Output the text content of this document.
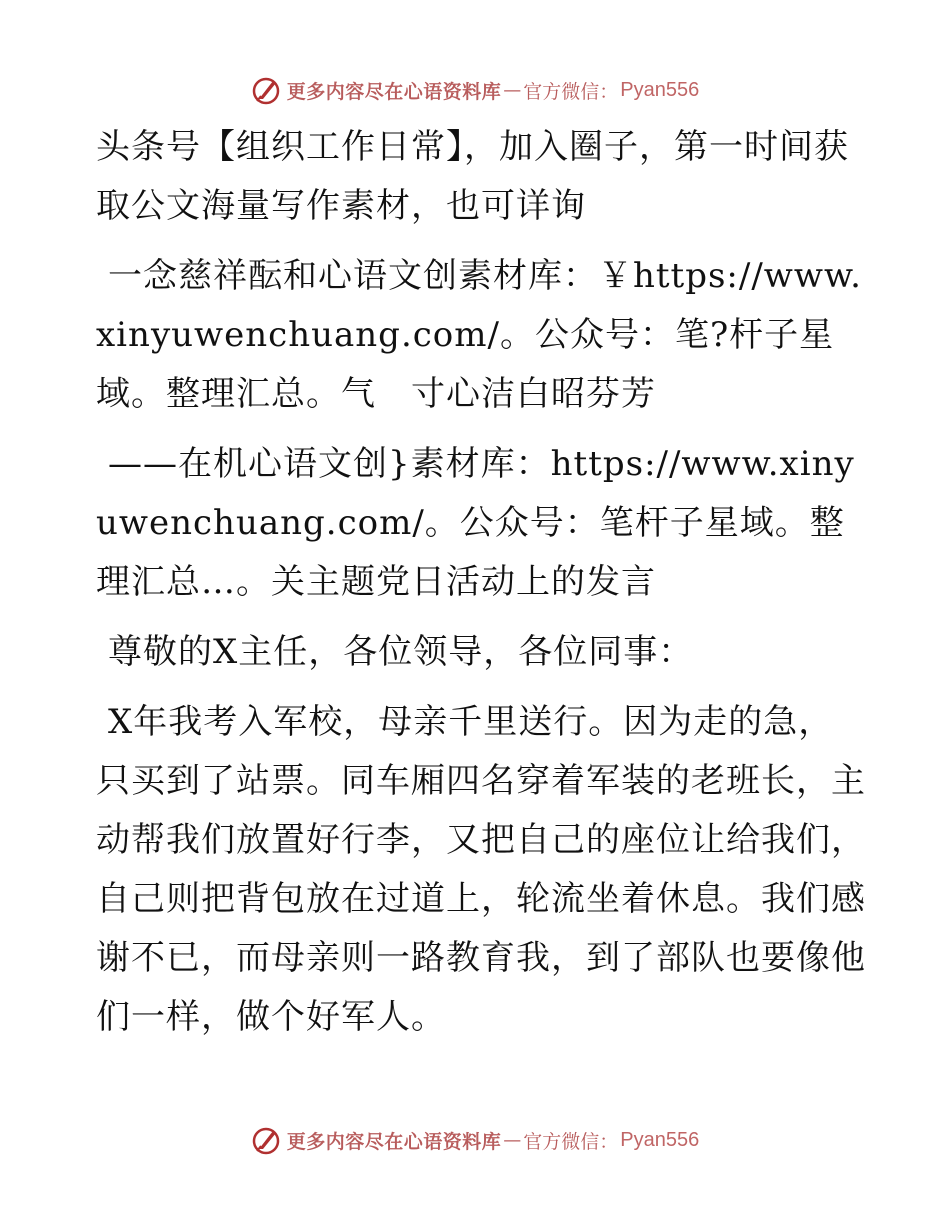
更多内容尽在心语资料库 — 官方微信： Pyan556

头条号【组织工作日常】，加入圈子，第一时间获取公文海量写作素材，也可详询

一念慈祥酝和心语文创素材库：￥https://www.xinyuwenchuang.com/。公众号：笔?杆子星域。整理汇总。气　寸心洁白昭芬芳

——在机心语文创}素材库：https://www.xinyuwenchuang.com/。公众号：笔杆子星域。整理汇总…。关主题党日活动上的发言

尊敬的X主任，各位领导，各位同事：

X年我考入军校，母亲千里送行。因为走的急，只买到了站票。同车厢四名穿着军装的老班长，主动帮我们放置好行李，又把自己的座位让给我们，自己则把背包放在过道上，轮流坐着休息。我们感谢不已，而母亲则一路教育我，到了部队也要像他们一样，做个好军人。

更多内容尽在心语资料库 — 官方微信： Pyan556
